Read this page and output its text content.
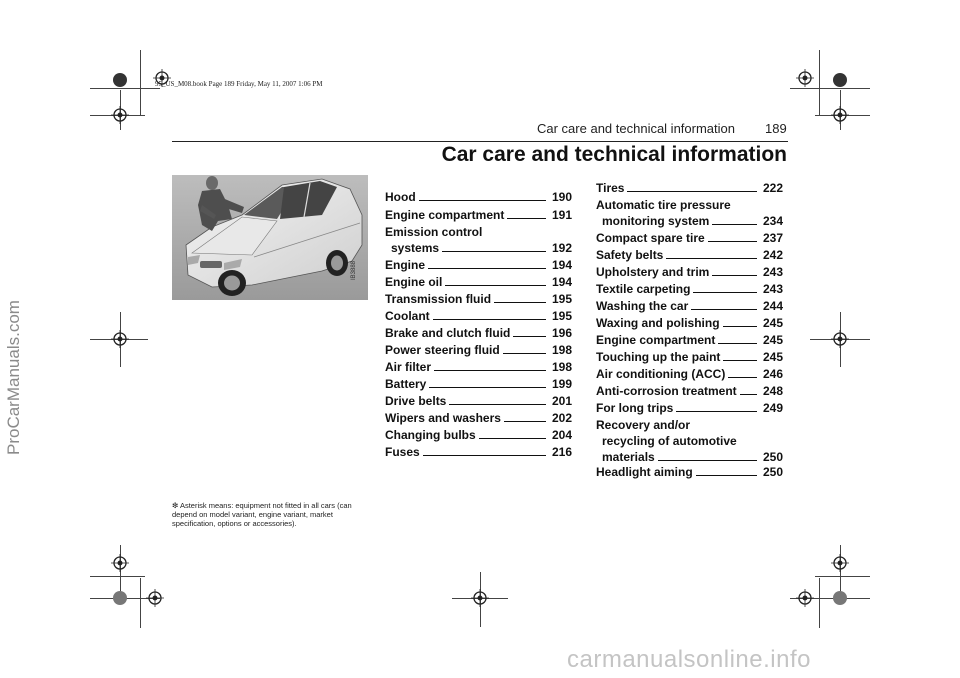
95_US_M08.book Page 189 Friday, May 11, 2007 1:06 PM
Car care and technical information 189
Car care and technical information
IB3888
Hood	190
Engine compartment	191
Emission control
systems	192
Engine	194
Engine oil	194
Transmission fluid	195
Coolant	195
Brake and clutch fluid	196
Power steering fluid	198
Air filter	198
Battery	199
Drive belts	201
Wipers and washers	202
Changing bulbs	204
Fuses	216
Tires	222
Automatic tire pressure
monitoring system	234
Compact spare tire	237
Safety belts	242
Upholstery and trim	243
Textile carpeting	243
Washing the car	244
Waxing and polishing	245
Engine compartment	245
Touching up the paint	245
Air conditioning (ACC)	246
Anti-corrosion treatment 248
For long trips	249
Recovery and/or
recycling of automotive
materials	250
Headlight aiming	250
❇ Asterisk means: equipment not fitted in all cars (can depend on model variant, engine variant, market specification, options or accessories).
ProCarManuals.com
carmanualsonline.info
